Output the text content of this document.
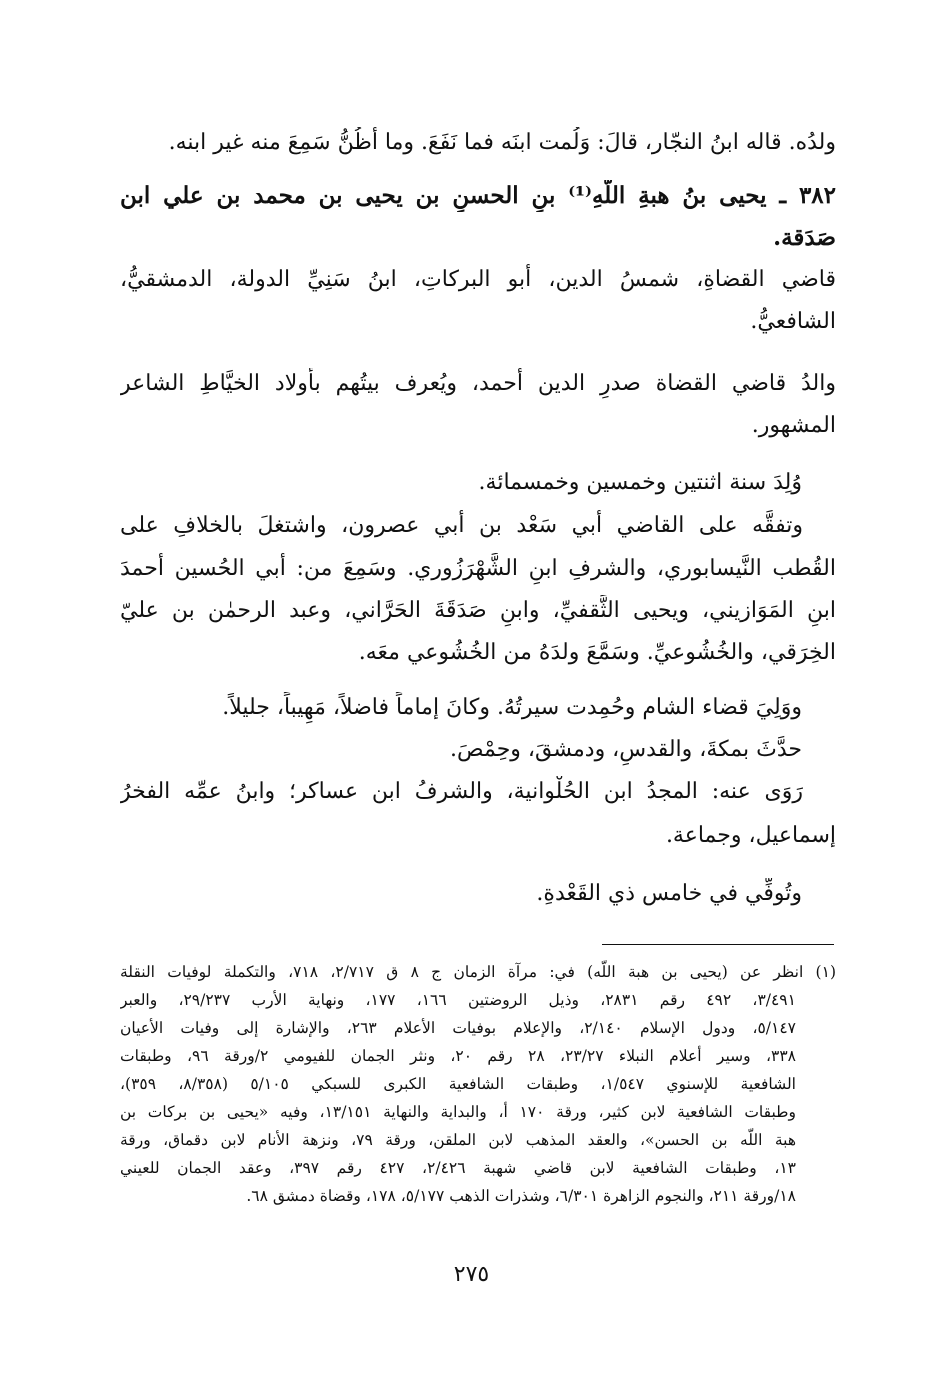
ولدُه. قاله ابنُ النجّار، قالَ: وَلُمت ابنَه فما نَفَعَ. وما أظُنُّ سَمِعَ منه غير ابنه.
٣٨٢ ـ يحيى بنُ هبةِ اللَّهِ⁽¹⁾ بنِ الحسنِ بن يحيى بن محمد بن علي ابن
صَدَقة.
قاضي القضاةِ، شمسُ الدين، أبو البركاتِ، ابنُ سَنِيِّ الدولة، الدمشقيُّ،
الشافعيُّ.
والدُ قاضي القضاة صدرِ الدين أحمد، ويُعرف بيتُهم بأولاد الخيَّاطِ الشاعر
المشهور.
وُلِدَ سنة اثنتين وخمسين وخمسمائة.
وتفقَّه على القاضي أبي سَعْد بن أبي عصرون، واشتغلَ بالخلافِ على
القُطب النَّيسابوري، والشرفِ ابنِ الشَّهْرَزُوري. وسَمِعَ من: أبي الحُسين أحمدَ
ابنِ المَوَازيني، ويحيى الثَّقفيِّ، وابنِ صَدَقَةَ الحَرَّاني، وعبد الرحمٰن بن عليّ
الخِرَقي، والخُشُوعيِّ. وسَمَّعَ ولدَهُ من الخُشُوعي معَه.
ووَلِيَ قضاء الشام وحُمِدت سيرتُهُ. وكانَ إماماً فاضلاً، مَهِيباً، جليلاً.
حدَّثَ بمكةَ، والقدسِ، ودمشقَ، وحِمْصَ.
رَوَى عنه: المجدُ ابن الحُلْوانية، والشرفُ ابن عساكر؛ وابنُ عمِّه الفخرُ
إسماعيل، وجماعة.
وتُوفِّي في خامس ذي القَعْدةِ.
(١) انظر عن (يحيى بن هبة اللّه) في: مرآة الزمان ج ٨ ق ٢/٧١٧، ٧١٨، والتكملة لوفيات النقلة
٣/٤٩١، ٤٩٢ رقم ٢٨٣١، وذيل الروضتين ١٦٦، ١٧٧، ونهاية الأرب ٢٩/٢٣٧، والعبر
٥/١٤٧، ودول الإسلام ٢/١٤٠، والإعلام بوفيات الأعلام ٢٦٣، والإشارة إلى وفيات الأعيان
٣٣٨، وسير أعلام النبلاء ٢٣/٢٧، ٢٨ رقم ٢٠، ونثر الجمان للفيومي ٢/ورقة ٩٦، وطبقات
الشافعية للإسنوي ١/٥٤٧، وطبقات الشافعية الكبرى للسبكي ٥/١٠٥ (٨/٣٥٨، ٣٥٩)،
وطبقات الشافعية لابن كثير، ورقة ١٧٠ أ، والبداية والنهاية ١٣/١٥١، وفيه «يحيى بن بركات بن
هبة اللّه بن الحسن»، والعقد المذهب لابن الملقن، ورقة ٧٩، ونزهة الأنام لابن دقماق، ورقة
١٣، وطبقات الشافعية لابن قاضي شهبة ٢/٤٢٦، ٤٢٧ رقم ٣٩٧، وعقد الجمان للعيني
١٨/ورقة ٢١١، والنجوم الزاهرة ٦/٣٠١، وشذرات الذهب ٥/١٧٧، ١٧٨، وقضاة دمشق ٦٨.
٢٧٥
